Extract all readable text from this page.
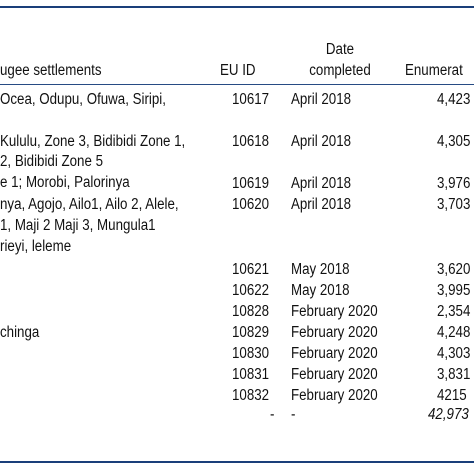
ugee settlements	EU ID
Date
completed	Enumerat
Ocea, Odupu, Ofuwa, Siripi,	10617 April 2018	4,423
Kululu, Zone 3, Bidibidi Zone 1,	10618 April 2018	4,305
2, Bidibidi Zone 5
e 1; Morobi, Palorinya	10619 April 2018	3,976
nya, Agojo, Ailo1, Ailo 2, Alele,	10620 April 2018	3,703
1, Maji 2 Maji 3, Mungula1
rieyi, leleme
10621 May 2018	3,620
10622 May 2018	3,995
10828 February 2020	2,354
chinga	10829 February 2020	4,248
10830 February 2020	4,303
10831 February 2020	3,831
10832 February 2020	4215
- -	42,973
